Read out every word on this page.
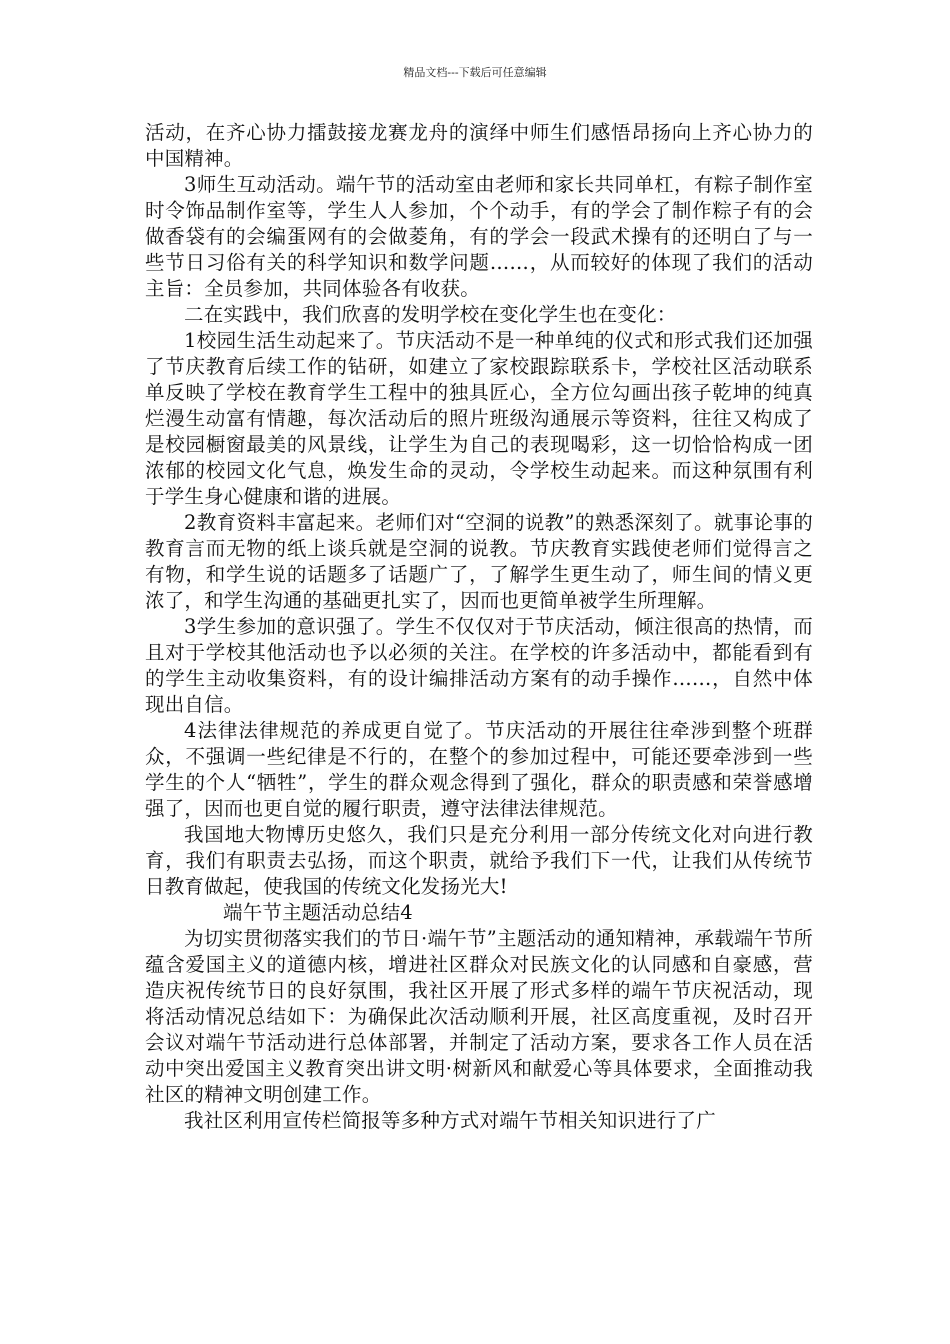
精品文档---下载后可任意编辑

活动，在齐心协力擂鼓接龙赛龙舟的演绎中师生们感悟昂扬向上齐心协力的中国精神。

3师生互动活动。端午节的活动室由老师和家长共同单杠，有粽子制作室时令饰品制作室等，学生人人参加，个个动手，有的学会了制作粽子有的会做香袋有的会编蛋网有的会做菱角，有的学会一段武术操有的还明白了与一些节日习俗有关的科学知识和数学问题……，从而较好的体现了我们的活动主旨：全员参加，共同体验各有收获。

二在实践中，我们欣喜的发明学校在变化学生也在变化：

1校园生活生动起来了。节庆活动不是一种单纯的仪式和形式我们还加强了节庆教育后续工作的钻研，如建立了家校跟踪联系卡，学校社区活动联系单反映了学校在教育学生工程中的独具匠心，全方位勾画出孩子乾坤的纯真烂漫生动富有情趣，每次活动后的照片班级沟通展示等资料，往往又构成了是校园橱窗最美的风景线，让学生为自己的表现喝彩，这一切恰恰构成一团浓郁的校园文化气息，焕发生命的灵动，令学校生动起来。而这种氛围有利于学生身心健康和谐的进展。

2教育资料丰富起来。老师们对“空洞的说教”的熟悉深刻了。就事论事的教育言而无物的纸上谈兵就是空洞的说教。节庆教育实践使老师们觉得言之有物，和学生说的话题多了话题广了，了解学生更生动了，师生间的情义更浓了，和学生沟通的基础更扎实了，因而也更简单被学生所理解。

3学生参加的意识强了。学生不仅仅对于节庆活动，倾注很高的热情，而且对于学校其他活动也予以必须的关注。在学校的许多活动中，都能看到有的学生主动收集资料，有的设计编排活动方案有的动手操作……，自然中体现出自信。

4法律法律规范的养成更自觉了。节庆活动的开展往往牵涉到整个班群众，不强调一些纪律是不行的，在整个的参加过程中，可能还要牵涉到一些学生的个人“牺牲”，学生的群众观念得到了强化，群众的职责感和荣誉感增强了，因而也更自觉的履行职责，遵守法律法律规范。

我国地大物博历史悠久，我们只是充分利用一部分传统文化对向进行教育，我们有职责去弘扬，而这个职责，就给予我们下一代，让我们从传统节日教育做起，使我国的传统文化发扬光大!

端午节主题活动总结4

为切实贯彻落实我们的节日·端午节”主题活动的通知精神，承载端午节所蕴含爱国主义的道德内核，增进社区群众对民族文化的认同感和自豪感，营造庆祝传统节日的良好氛围，我社区开展了形式多样的端午节庆祝活动，现将活动情况总结如下：为确保此次活动顺利开展，社区高度重视，及时召开会议对端午节活动进行总体部署，并制定了活动方案，要求各工作人员在活动中突出爱国主义教育突出讲文明·树新风和献爱心等具体要求，全面推动我社区的精神文明创建工作。

我社区利用宣传栏简报等多种方式对端午节相关知识进行了广
